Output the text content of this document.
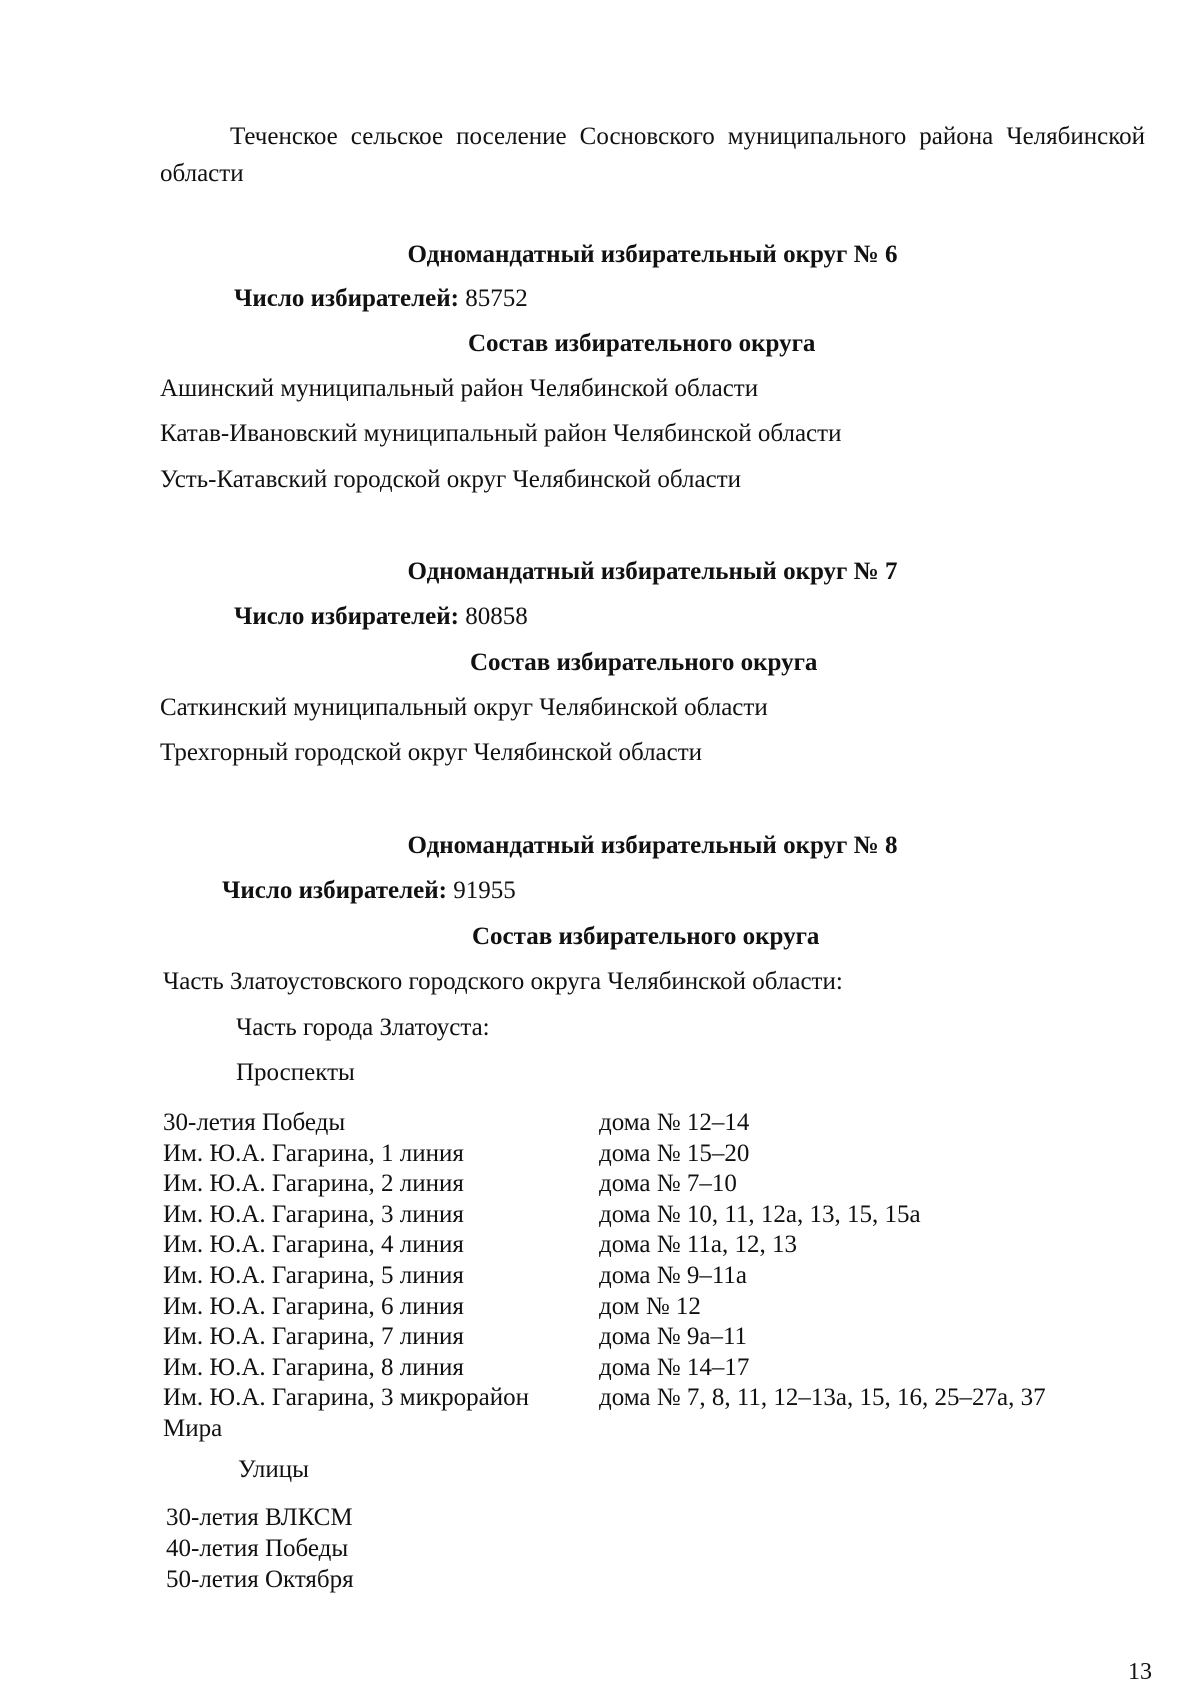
Теченское сельское поселение Сосновского муниципального района Челябинской области
Одномандатный избирательный округ № 6
Число избирателей: 85752
Состав избирательного округа
Ашинский муниципальный район Челябинской области
Катав-Ивановский муниципальный район Челябинской области
Усть-Катавский городской округ Челябинской области
Одномандатный избирательный округ № 7
Число избирателей: 80858
Состав избирательного округа
Саткинский муниципальный округ Челябинской области
Трехгорный городской округ Челябинской области
Одномандатный избирательный округ № 8
Число избирателей: 91955
Состав избирательного округа
Часть Златоустовского городского округа Челябинской области:
Часть города Златоуста:
Проспекты
30-летия Победы	дома № 12–14
Им. Ю.А. Гагарина, 1 линия	дома № 15–20
Им. Ю.А. Гагарина, 2 линия	дома № 7–10
Им. Ю.А. Гагарина, 3 линия	дома № 10, 11, 12а, 13, 15, 15а
Им. Ю.А. Гагарина, 4 линия	дома № 11а, 12, 13
Им. Ю.А. Гагарина, 5 линия	дома № 9–11а
Им. Ю.А. Гагарина, 6 линия	дом № 12
Им. Ю.А. Гагарина, 7 линия	дома № 9а–11
Им. Ю.А. Гагарина, 8 линия	дома № 14–17
Им. Ю.А. Гагарина, 3 микрорайон	дома № 7, 8, 11, 12–13а, 15, 16, 25–27а, 37
Мира
Улицы
30-летия ВЛКСМ
40-летия Победы
50-летия Октября
13
